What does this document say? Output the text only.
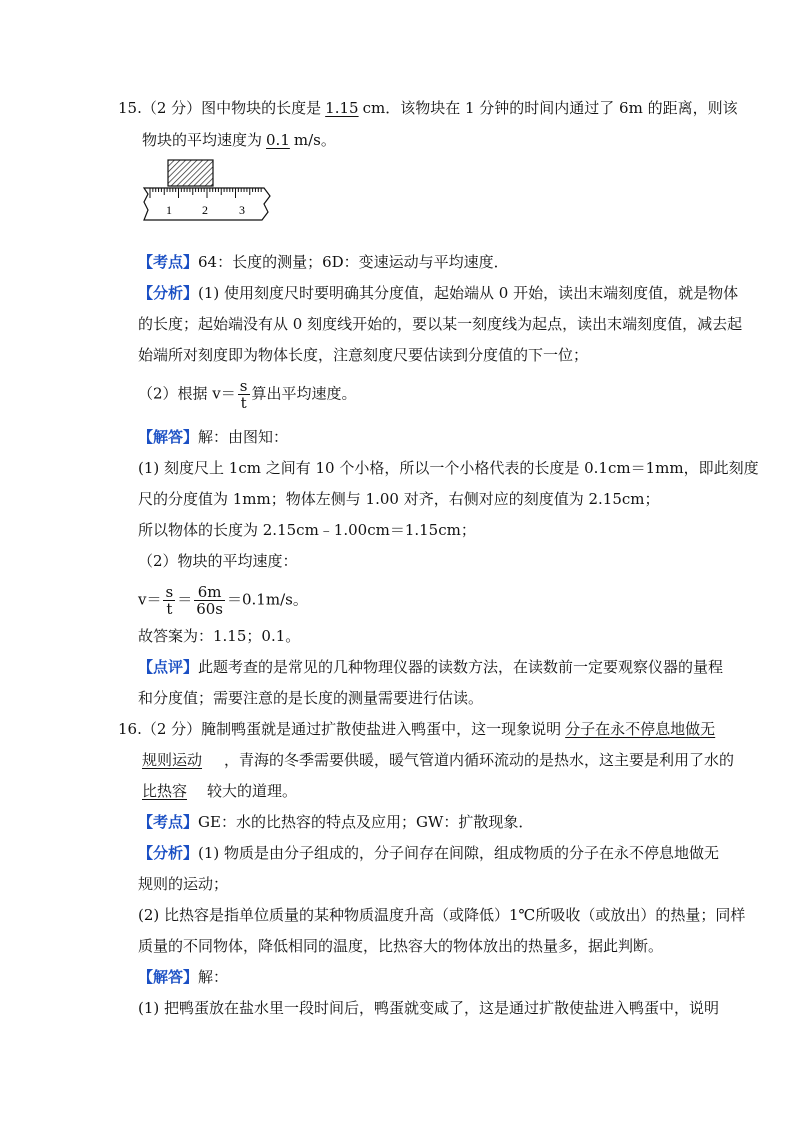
15.（2 分）图中物块的长度是 1.15 cm．该物块在 1 分钟的时间内通过了 6m 的距离，则该
物块的平均速度为 0.1 m/s。
1	2	3
【考点】64：长度的测量；6D：变速运动与平均速度．
【分析】(1) 使用刻度尺时要明确其分度值，起始端从 0 开始，读出末端刻度值，就是物体
的长度；起始端没有从 0 刻度线开始的，要以某一刻度线为起点，读出末端刻度值，减去起
始端所对刻度即为物体长度，注意刻度尺要估读到分度值的下一位；
（2）根据 $v= \frac{s}{t}$ 算出平均速度。
【解答】解：由图知：
(1) 刻度尺上 1cm 之间有 10 个小格，所以一个小格代表的长度是 0.1cm＝1mm，即此刻度
尺的分度值为 1mm；物体左侧与 1.00 对齐，右侧对应的刻度值为 2.15cm；
所以物体的长度为 2.15cm﹣1.00cm＝1.15cm；
（2）物块的平均速度：
$v= \frac{s}{t} = \frac{6m}{60s} =0.1m/s$。
故答案为：1.15；0.1。
【点评】此题考查的是常见的几种物理仪器的读数方法，在读数前一定要观察仪器的量程
和分度值；需要注意的是长度的测量需要进行估读。
16.（2 分）腌制鸭蛋就是通过扩散使盐进入鸭蛋中，这一现象说明 分子在永不停息地做无
规则运动 ，青海的冬季需要供暖，暖气管道内循环流动的是热水，这主要是利用了水的
比热容 较大的道理。
【考点】GE：水的比热容的特点及应用；GW：扩散现象．
【分析】(1) 物质是由分子组成的，分子间存在间隙，组成物质的分子在永不停息地做无
规则的运动；
(2) 比热容是指单位质量的某种物质温度升高（或降低）1℃所吸收（或放出）的热量；同样
质量的不同物体，降低相同的温度，比热容大的物体放出的热量多，据此判断。
【解答】解：
(1) 把鸭蛋放在盐水里一段时间后，鸭蛋就变咸了，这是通过扩散使盐进入鸭蛋中，说明
